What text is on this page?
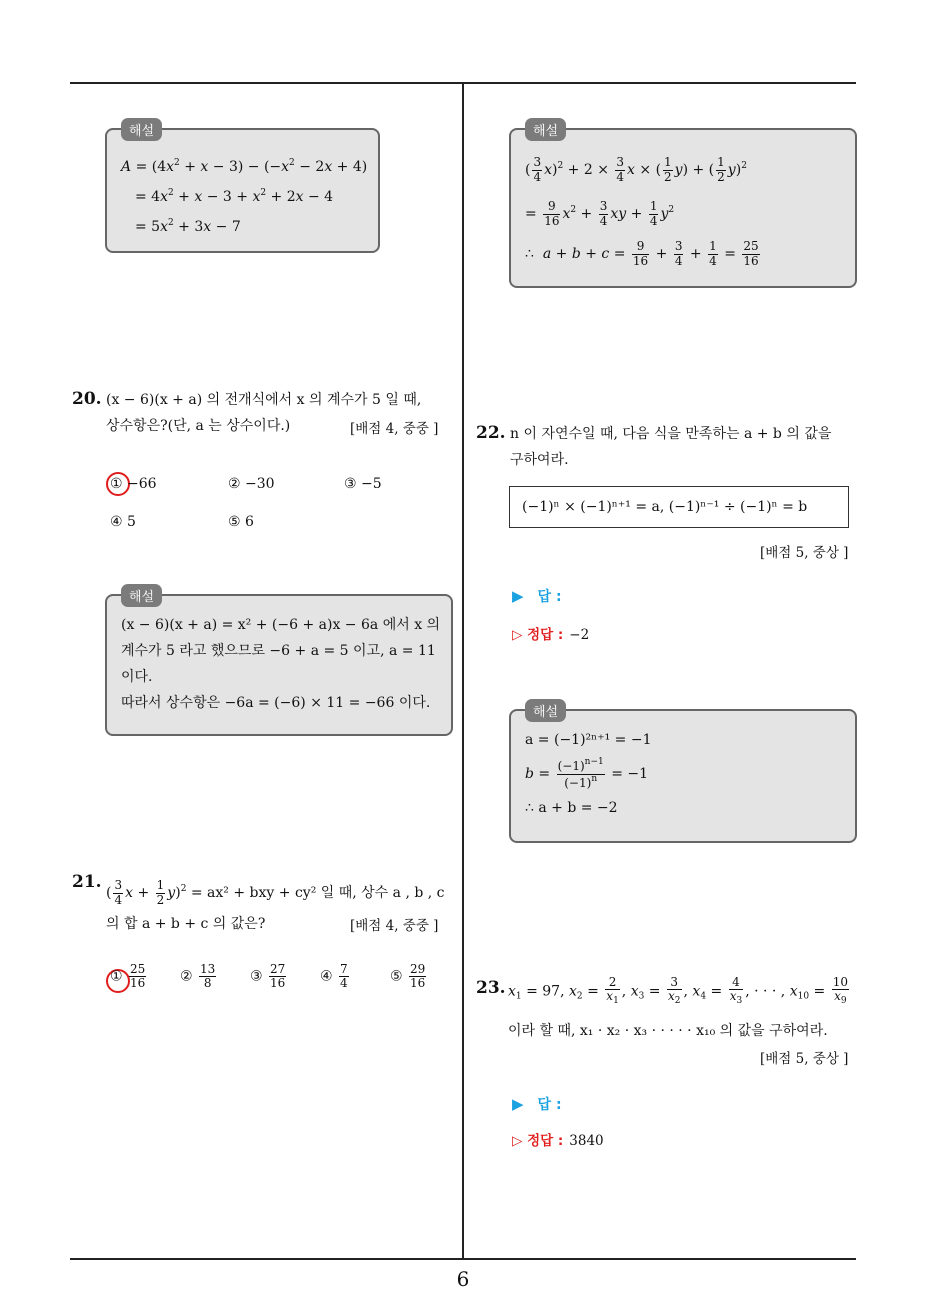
6
해설
$A = (4x^2 + x - 3) - (-x^2 - 2x + 4)$
= $4x^2 + x - 3 + x^2 + 2x - 4$
= $5x^2 + 3x - 7$
해설
( $\frac{3}{4} x)^2 + 2 \times \frac{3}{4}$ x × ( $\frac{1}{2} y$) + ( $\frac{1}{2} y)^2$
= $\frac{9}{16} x^2 + \frac{3}{4}$ xy + $\frac{1}{4} y^2$
∴  $a + b + c = \frac{9}{16} + \frac{3}{4} + \frac{1}{4} = \frac{25}{16}$
20. (x − 6)(x + a) 의 전개식에서 x 의 계수가 5 일 때,
상수항은?(단, a 는 상수이다.)	[배점 4, 중중 ]
① −66	② −30	③ −5
④ 5	⑤ 6
해설
(x − 6)(x + a) = x² + (−6 + a)x − 6a 에서 x 의
계수가 5 라고 했으므로 −6 + a = 5 이고, a = 11
이다.
따라서 상수항은 −6a = (−6) × 11 = −66 이다.
21.
( $\frac{3}{4}$ $x + \frac{1}{2} y)^2 = ax^2$ + bxy + cy² 일 때, 상수 a , b , c
의 합 a + b + c 의 값은?	[배점 4, 중중 ]
① $\frac{25}{16}$ ② $\frac{13}{8}$ ③ $\frac{27}{16}$ ④ $\frac{7}{4}$	⑤ $\frac{29}{16}$
22. n 이 자연수일 때, 다음 식을 만족하는 a + b 의 값을
구하여라.
(−1)ⁿ × (−1)ⁿ⁺¹ = a, (−1)ⁿ⁻¹ ÷ (−1)ⁿ = b
[배점 5, 중상 ]
▶ 답 :
▷ 정답 : −2
해설
a = (−1)²ⁿ⁺¹ = −1
$b = \frac{(-1)^{n-1}}{(-1)^n} = -1$
∴ a + b = −2
23. $x_1 = 97$, $x_2 = \frac{2}{x_1}$ , $x_3 = \frac{3}{x_2}$ , $x_4 = \frac{4}{x_3}$ , · · · , $x_{10} = \frac{10}{x_9}$
이라 할 때, x₁ · x₂ · x₃ · · · · · x₁₀ 의 값을 구하여라.
[배점 5, 중상 ]
▶ 답 :
▷ 정답 : 3840
